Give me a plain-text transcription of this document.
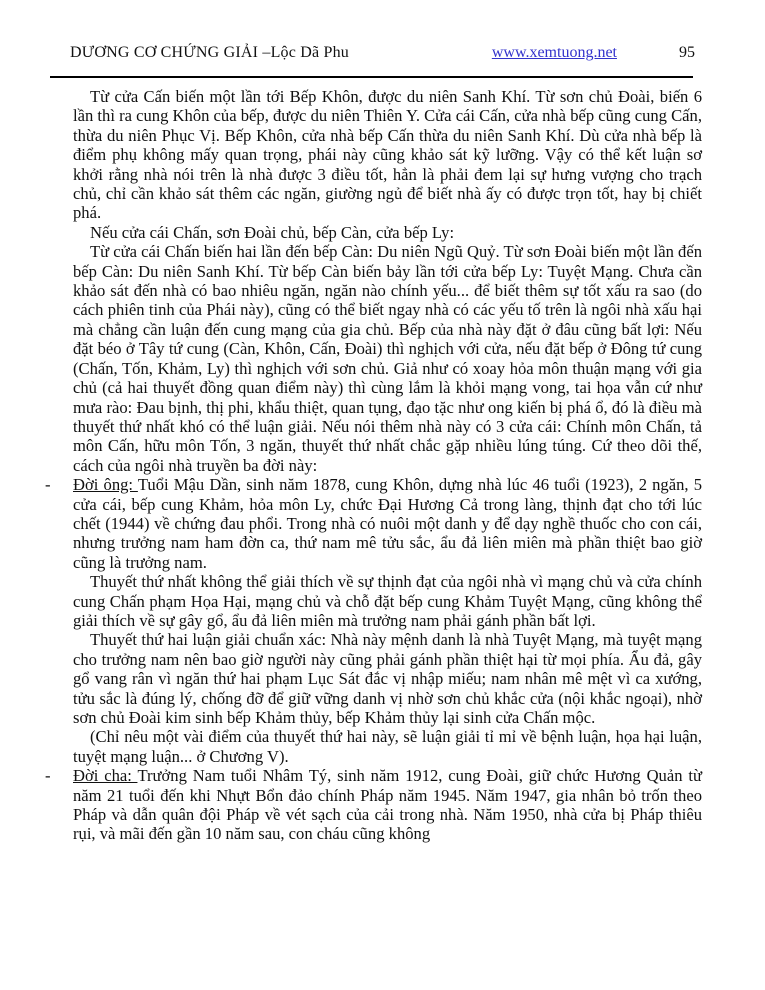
DƯƠNG CƠ CHỨNG GIẢI –Lộc Dã Phu	www.xemtuong.net	95

Từ cửa Cấn biến một lần tới Bếp Khôn, được du niên Sanh Khí. Từ sơn chủ Đoài, biến 6 lần thì ra cung Khôn của bếp, được du niên Thiên Y. Cửa cái Cấn, cửa nhà bếp cũng cung Cấn, thừa du niên Phục Vị. Bếp Khôn, cửa nhà bếp Cấn thừa du niên Sanh Khí. Dù cửa nhà bếp là điểm phụ không mấy quan trọng, phái này cũng khảo sát kỹ lưỡng. Vậy có thể kết luận sơ khởi rằng nhà nói trên là nhà được 3 điều tốt, hẳn là phải đem lại sự hưng vượng cho trạch chủ, chỉ cần khảo sát thêm các ngăn, giường ngủ để biết nhà ấy có được trọn tốt, hay bị chiết phá.

Nếu cửa cái Chấn, sơn Đoài chủ, bếp Càn, cửa bếp Ly:

Từ cửa cái Chấn biến hai lần đến bếp Càn: Du niên Ngũ Quỷ. Từ sơn Đoài biến một lần đến bếp Càn: Du niên Sanh Khí. Từ bếp Càn biến bảy lần tới cửa bếp Ly: Tuyệt Mạng. Chưa cần khảo sát đến nhà có bao nhiêu ngăn, ngăn nào chính yếu... để biết thêm sự tốt xấu ra sao (do cách phiên tinh của Phái này), cũng có thể biết ngay nhà có các yếu tố trên là ngôi nhà xấu hại mà chẳng cần luận đến cung mạng của gia chủ. Bếp của nhà này đặt ở đâu cũng bất lợi: Nếu đặt béo ở Tây tứ cung (Càn, Khôn, Cấn, Đoài) thì nghịch với cửa, nếu đặt bếp ở Đông tứ cung (Chấn, Tốn, Khảm, Ly) thì nghịch với sơn chủ. Giả như có xoay hỏa môn thuận mạng với gia chủ (cả hai thuyết đồng quan điểm này) thì cùng lắm là khỏi mạng vong, tai họa vẫn cứ như mưa rào: Đau bịnh, thị phi, khẩu thiệt, quan tụng, đạo tặc như ong kiến bị phá ổ, đó là điều mà thuyết thứ nhất khó có thể luận giải. Nếu nói thêm nhà này có 3 cửa cái: Chính môn Chấn, tả môn Cấn, hữu môn Tốn, 3 ngăn, thuyết thứ nhất chắc gặp nhiều lúng túng. Cứ theo dõi thế, cách của ngôi nhà truyền ba đời này:

- Đời ông: Tuổi Mậu Dần, sinh năm 1878, cung Khôn, dựng nhà lúc 46 tuổi (1923), 2 ngăn, 5 cửa cái, bếp cung Khảm, hỏa môn Ly, chức Đại Hương Cả trong làng, thịnh đạt cho tới lúc chết (1944) về chứng đau phổi. Trong nhà có nuôi một danh y để dạy nghề thuốc cho con cái, nhưng trưởng nam ham đờn ca, thứ nam mê tửu sắc, ẩu đả liên miên mà phần thiệt bao giờ cũng là trưởng nam.

Thuyết thứ nhất không thể giải thích về sự thịnh đạt của ngôi nhà vì mạng chủ và cửa chính cung Chấn phạm Họa Hại, mạng chủ và chỗ đặt bếp cung Khảm Tuyệt Mạng, cũng không thể giải thích về sự gây gổ, ẩu đả liên miên mà trưởng nam phải gánh phần bất lợi.

Thuyết thứ hai luận giải chuẩn xác: Nhà này mệnh danh là nhà Tuyệt Mạng, mà tuyệt mạng cho trưởng nam nên bao giờ người này cũng phải gánh phần thiệt hại từ mọi phía. Ẩu đả, gây gổ vang rân vì ngăn thứ hai phạm Lục Sát đắc vị nhập miếu; nam nhân mê mệt vì ca xướng, tửu sắc là đúng lý, chống đỡ để giữ vững danh vị nhờ sơn chủ khắc cửa (nội khắc ngoại), nhờ sơn chủ Đoài kim sinh bếp Khảm thủy, bếp Khảm thủy lại sinh cửa Chấn mộc.

(Chỉ nêu một vài điểm của thuyết thứ hai này, sẽ luận giải tỉ mỉ về bệnh luận, họa hại luận, tuyệt mạng luận... ở Chương V).

- Đời cha: Trưởng Nam tuổi Nhâm Tý, sinh năm 1912, cung Đoài, giữ chức Hương Quản từ năm 21 tuổi đến khi Nhựt Bổn đảo chính Pháp năm 1945. Năm 1947, gia nhân bỏ trốn theo Pháp và dẫn quân đội Pháp về vét sạch của cải trong nhà. Năm 1950, nhà cửa bị Pháp thiêu rụi, và mãi đến gần 10 năm sau, con cháu cũng không
